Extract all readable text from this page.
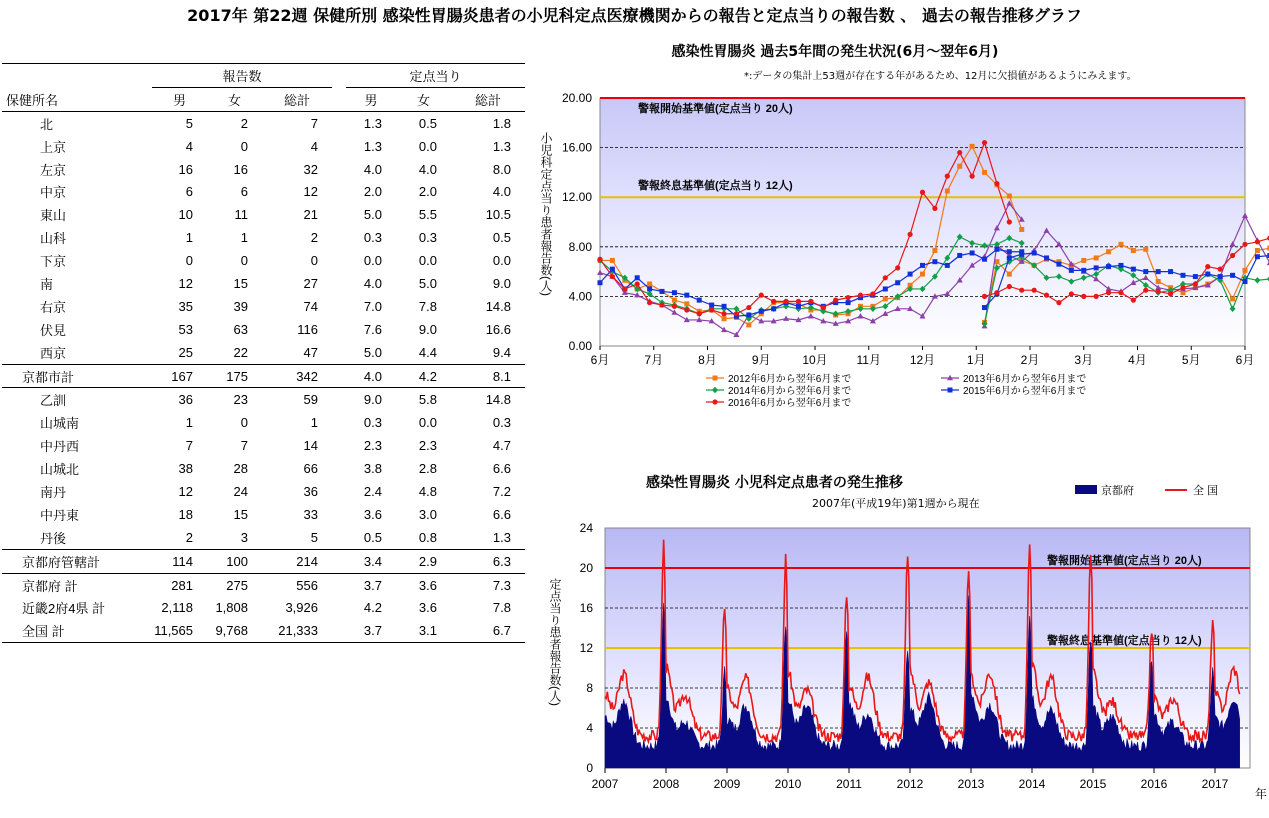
2017年 第22週 保健所別 感染性胃腸炎患者の小児科定点医療機関からの報告と定点当りの報告数 、 過去の報告推移グラフ
	報告数				定点当り		
保健所名	男	女	総計		男	女	総計
北	5	2	7		1.3	0.5	1.8
上京	4	0	4		1.3	0.0	1.3
左京	16	16	32		4.0	4.0	8.0
中京	6	6	12		2.0	2.0	4.0
東山	10	11	21		5.0	5.5	10.5
山科	1	1	2		0.3	0.3	0.5
下京	0	0	0		0.0	0.0	0.0
南	12	15	27		4.0	5.0	9.0
右京	35	39	74		7.0	7.8	14.8
伏見	53	63	116		7.6	9.0	16.6
西京	25	22	47		5.0	4.4	9.4
京都市計	167	175	342		4.0	4.2	8.1
乙訓	36	23	59		9.0	5.8	14.8
山城南	1	0	1		0.3	0.0	0.3
中丹西	7	7	14		2.3	2.3	4.7
山城北	38	28	66		3.8	2.8	6.6
南丹	12	24	36		2.4	4.8	7.2
中丹東	18	15	33		3.6	3.0	6.6
丹後	2	3	5		0.5	0.8	1.3
京都府管轄計	114	100	214		3.4	2.9	6.3
京都府 計	281	275	556		3.7	3.6	7.3
近畿2府4県 計	2,118	1,808	3,926		4.2	3.6	7.8
全国 計	11,565	9,768	21,333		3.7	3.1	6.7
感染性胃腸炎 過去5年間の発生状況(6月～翌年6月)
*:データの集計上53週が存在する年があるため、12月に欠損値があるようにみえます。
0.00
4.00
8.00
12.00
16.00
20.00
警報開始基準値(定点当り 20人)
警報終息基準値(定点当り 12人)
小児科定点当り患者報告数(人)
6月	7月	8月	9月	10月 11月 12月	1月	2月	3月	4月	5月	6月
2012年6月から翌年6月まで
2014年6月から翌年6月まで
2016年6月から翌年6月まで
2013年6月から翌年6月まで
2015年6月から翌年6月まで
感染性胃腸炎 小児科定点患者の発生推移
2007年(平成19年)第1週から現在
0
4
8
12
16
20
24
警報開始基準値(定点当り 20人)
警報終息基準値(定点当り 12人)
定点当り患者報告数(人)
2007	2008	2009	2010	2011	2012	2013	2014	2015	2016	2017
年
京都府	全 国
